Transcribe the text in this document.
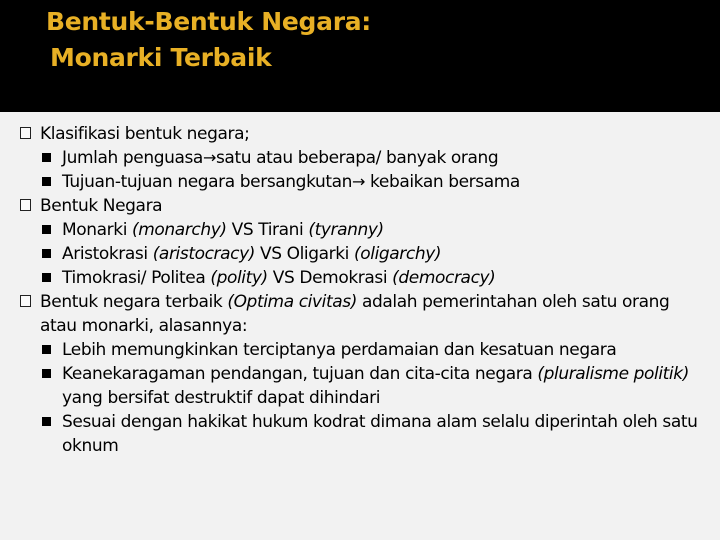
Bentuk-Bentuk Negara:
Monarki Terbaik
Klasifikasi bentuk negara;
Jumlah penguasa→satu atau beberapa/ banyak orang
Tujuan-tujuan negara bersangkutan→ kebaikan bersama
Bentuk Negara
Monarki (monarchy) VS Tirani (tyranny)
Aristokrasi (aristocracy) VS Oligarki (oligarchy)
Timokrasi/ Politea (polity) VS Demokrasi (democracy)
Bentuk negara terbaik (Optima civitas) adalah pemerintahan oleh satu orang atau monarki, alasannya:
Lebih memungkinkan terciptanya perdamaian dan kesatuan negara
Keanekaragaman pendangan, tujuan dan cita-cita negara (pluralisme politik) yang bersifat destruktif dapat dihindari
Sesuai dengan hakikat hukum kodrat dimana alam selalu diperintah oleh satu oknum
